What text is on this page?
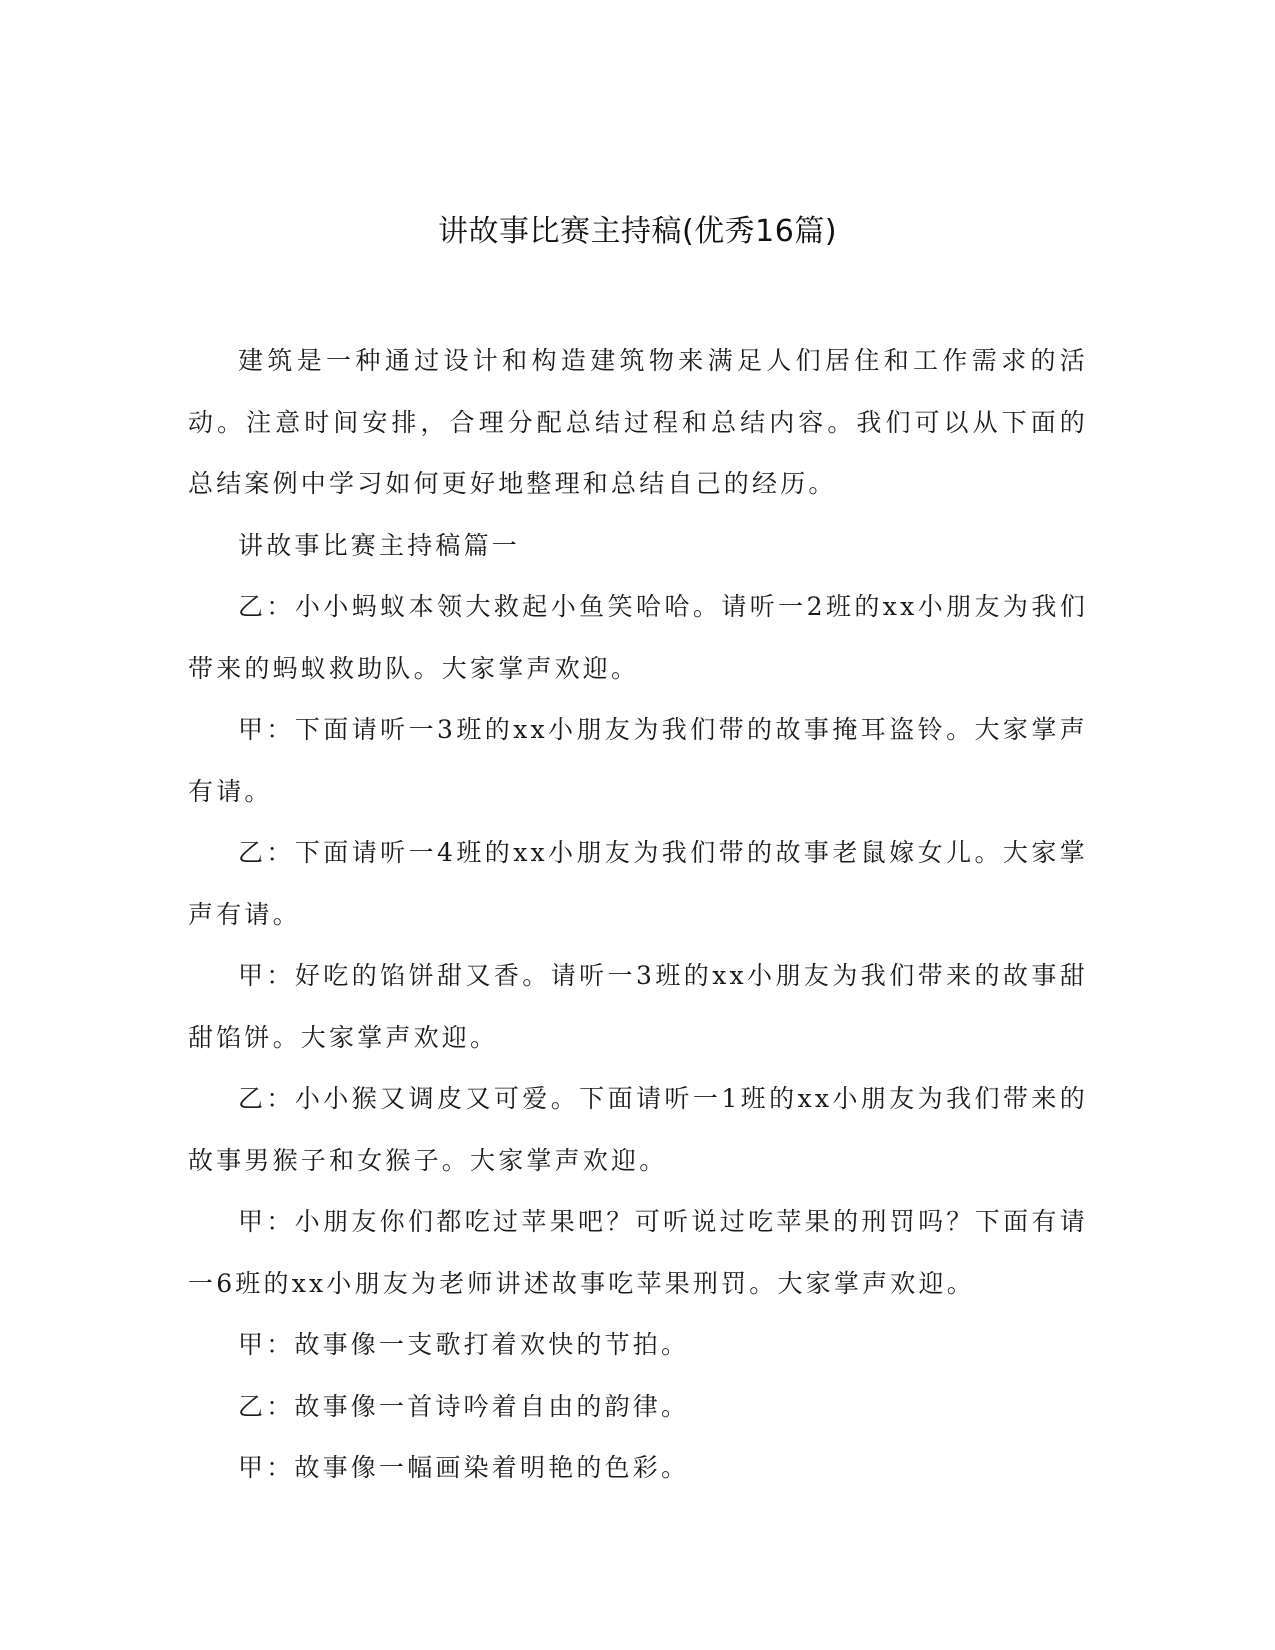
讲故事比赛主持稿(优秀16篇)

建筑是一种通过设计和构造建筑物来满足人们居住和工作需求的活动。注意时间安排，合理分配总结过程和总结内容。我们可以从下面的总结案例中学习如何更好地整理和总结自己的经历。

讲故事比赛主持稿篇一

乙：小小蚂蚁本领大救起小鱼笑哈哈。请听一2班的xx小朋友为我们带来的蚂蚁救助队。大家掌声欢迎。

甲：下面请听一3班的xx小朋友为我们带的故事掩耳盗铃。大家掌声有请。

乙：下面请听一4班的xx小朋友为我们带的故事老鼠嫁女儿。大家掌声有请。

甲：好吃的馅饼甜又香。请听一3班的xx小朋友为我们带来的故事甜甜馅饼。大家掌声欢迎。

乙：小小猴又调皮又可爱。下面请听一1班的xx小朋友为我们带来的故事男猴子和女猴子。大家掌声欢迎。

甲：小朋友你们都吃过苹果吧？可听说过吃苹果的刑罚吗？下面有请一6班的xx小朋友为老师讲述故事吃苹果刑罚。大家掌声欢迎。

甲：故事像一支歌打着欢快的节拍。

乙：故事像一首诗吟着自由的韵律。

甲：故事像一幅画染着明艳的色彩。
